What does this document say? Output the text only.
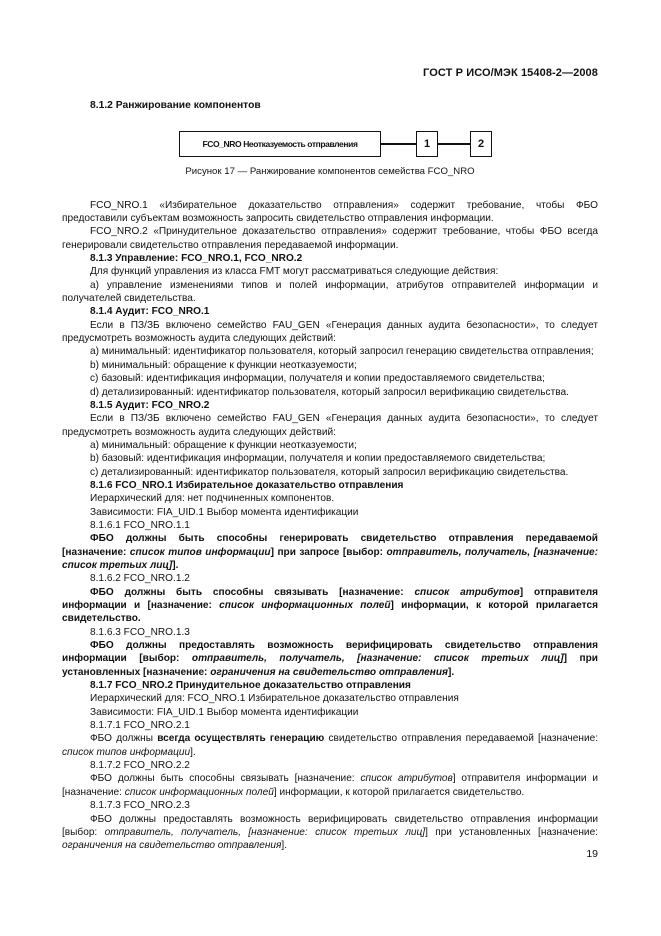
ГОСТ Р ИСО/МЭК 15408-2—2008

8.1.2 Ранжирование компонентов

FCO_NRO Неотказуемость отправления	1	2

Рисунок 17 — Ранжирование компонентов семейства FCO_NRO

FCO_NRO.1 «Избирательное доказательство отправления» содержит требование, чтобы ФБО предоставили субъектам возможность запросить свидетельство отправления информации.

FCO_NRO.2 «Принудительное доказательство отправления» содержит требование, чтобы ФБО всегда генерировали свидетельство отправления передаваемой информации.

8.1.3 Управление: FCO_NRO.1, FCO_NRO.2

Для функций управления из класса FMT могут рассматриваться следующие действия:

a) управление изменениями типов и полей информации, атрибутов отправителей информации и получателей свидетельства.

8.1.4 Аудит: FCO_NRO.1

Если в ПЗ/ЗБ включено семейство FAU_GEN «Генерация данных аудита безопасности», то следует предусмотреть возможность аудита следующих действий:

a) минимальный: идентификатор пользователя, который запросил генерацию свидетельства отправления;

b) минимальный: обращение к функции неотказуемости;

c) базовый: идентификация информации, получателя и копии предоставляемого свидетельства;

d) детализированный: идентификатор пользователя, который запросил верификацию свидетельства.

8.1.5 Аудит: FCO_NRO.2

Если в ПЗ/ЗБ включено семейство FAU_GEN «Генерация данных аудита безопасности», то следует предусмотреть возможность аудита следующих действий:

a) минимальный: обращение к функции неотказуемости;

b) базовый: идентификация информации, получателя и копии предоставляемого свидетельства;

c) детализированный: идентификатор пользователя, который запросил верификацию свидетельства.

8.1.6 FCO_NRO.1 Избирательное доказательство отправления

Иерархический для: нет подчиненных компонентов.

Зависимости: FIA_UID.1 Выбор момента идентификации

8.1.6.1 FCO_NRO.1.1

ФБО должны быть способны генерировать свидетельство отправления передаваемой [назначение: список типов информации] при запросе [выбор: отправитель, получатель, [назначение: список третьих лиц]].

8.1.6.2 FCO_NRO.1.2

ФБО должны быть способны связывать [назначение: список атрибутов] отправителя информации и [назначение: список информационных полей] информации, к которой прилагается свидетельство.

8.1.6.3 FCO_NRO.1.3

ФБО должны предоставлять возможность верифицировать свидетельство отправления информации [выбор: отправитель, получатель, [назначение: список третьих лиц]] при установленных [назначение: ограничения на свидетельство отправления].

8.1.7 FCO_NRO.2 Принудительное доказательство отправления

Иерархический для: FCO_NRO.1 Избирательное доказательство отправления

Зависимости: FIA_UID.1 Выбор момента идентификации

8.1.7.1 FCO_NRO.2.1

ФБО должны всегда осуществлять генерацию свидетельство отправления передаваемой [назначение: список типов информации].

8.1.7.2 FCO_NRO.2.2

ФБО должны быть способны связывать [назначение: список атрибутов] отправителя информации и [назначение: список информационных полей] информации, к которой прилагается свидетельство.

8.1.7.3 FCO_NRO.2.3

ФБО должны предоставлять возможность верифицировать свидетельство отправления информации [выбор: отправитель, получатель, [назначение: список третьих лиц]] при установленных [назначение: ограничения на свидетельство отправления].

19
